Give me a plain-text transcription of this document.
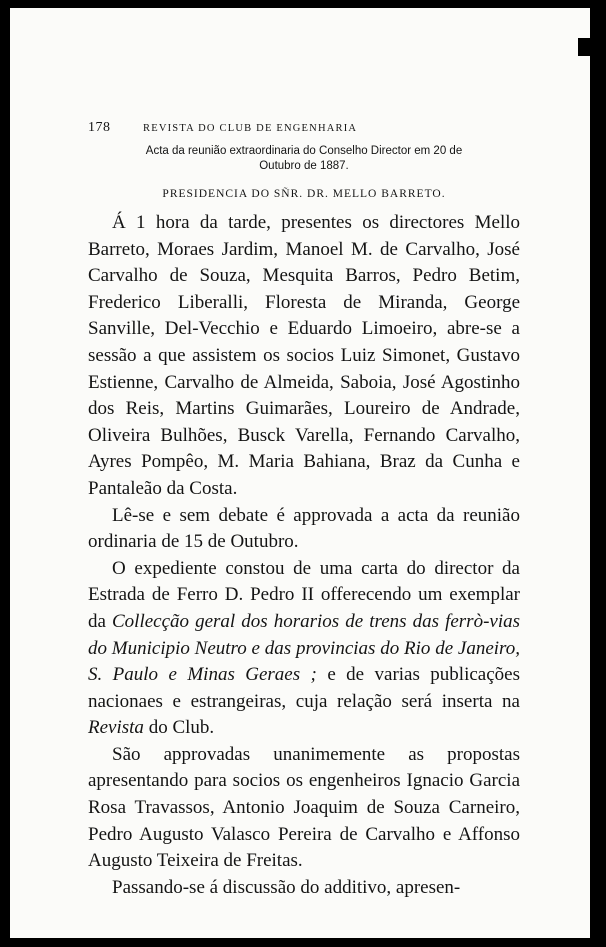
178	REVISTA DO CLUB DE ENGENHARIA
Acta da reunião extraordinaria do Conselho Director em 20 de
Outubro de 1887.
PRESIDENCIA DO SÑR. DR. MELLO BARRETO.

Á 1 hora da tarde, presentes os directores Mello Barreto, Moraes Jardim, Manoel M. de Carvalho, José Carvalho de Souza, Mesquita Barros, Pedro Betim, Frederico Liberalli, Floresta de Miranda, George Sanville, Del-Vecchio e Eduardo Limoeiro, abre-se a sessão a que assistem os socios Luiz Simonet, Gustavo Estienne, Carvalho de Almeida, Saboia, José Agostinho dos Reis, Martins Guimarães, Loureiro de Andrade, Oliveira Bulhões, Busck Varella, Fernando Carvalho, Ayres Pompêo, M. Maria Bahiana, Braz da Cunha e Pantaleão da Costa.

Lê-se e sem debate é approvada a acta da reunião ordinaria de 15 de Outubro.

O expediente constou de uma carta do director da Estrada de Ferro D. Pedro II offerecendo um exemplar da Collecção geral dos horarios de trens das ferrò-vias do Municipio Neutro e das provincias do Rio de Janeiro, S. Paulo e Minas Geraes ; e de varias publicações nacionaes e estrangeiras, cuja relação será inserta na Revista do Club.

São approvadas unanimemente as propostas apresentando para socios os engenheiros Ignacio Garcia Rosa Travassos, Antonio Joaquim de Souza Carneiro, Pedro Augusto Valasco Pereira de Carvalho e Affonso Augusto Teixeira de Freitas.

Passando-se á discussão do additivo, apresen-
